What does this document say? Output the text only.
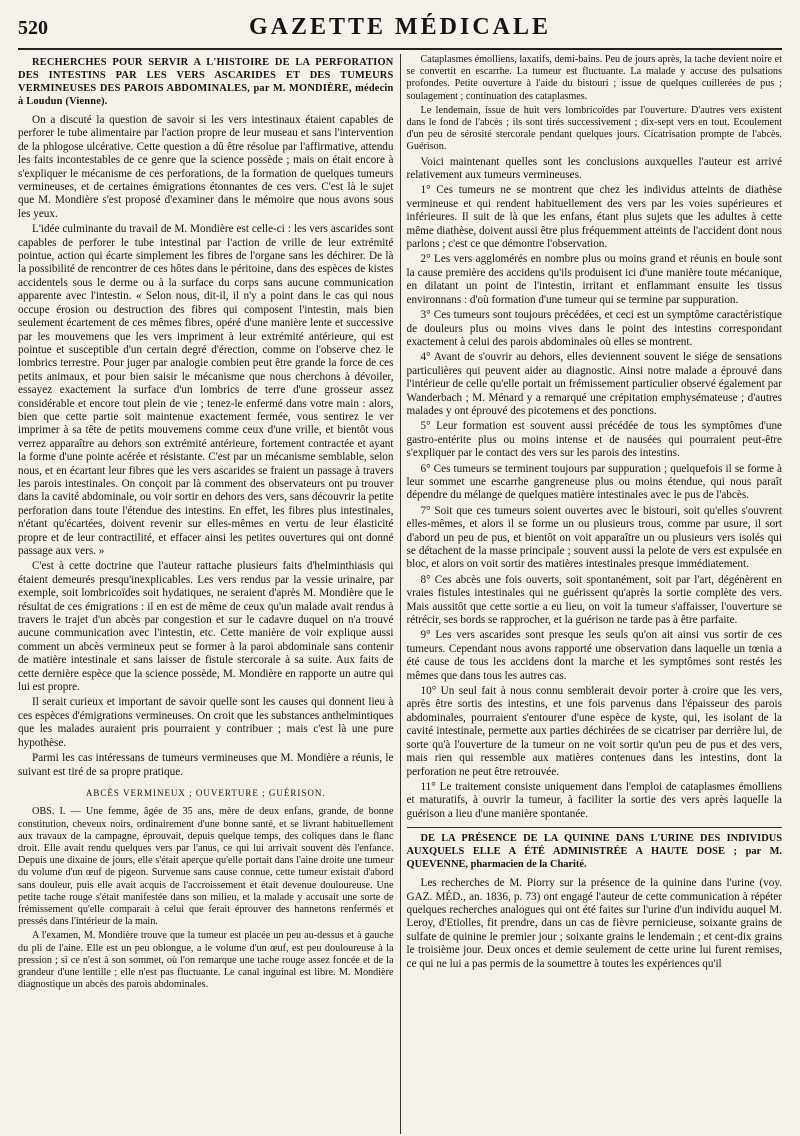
520	GAZETTE MÉDICALE
RECHERCHES POUR SERVIR A L'HISTOIRE DE LA PERFORATION DES INTESTINS PAR LES VERS ASCARIDES ET DES TUMEURS VERMINEUSES DES PAROIS ABDOMINALES, par M. MONDIÈRE, médecin à Loudun (Vienne).

On a discuté la question de savoir si les vers intestinaux étaient capables de perforer le tube alimentaire par l'action propre de leur museau et sans l'intervention de la phlogose ulcérative. Cette question a dû être résolue par l'affirmative, attendu les faits incontestables de ce genre que la science possède ; mais on était encore à s'expliquer le mécanisme de ces perforations, de la formation de quelques tumeurs vermineuses, et de certaines émigrations étonnantes de ces vers. C'est là le sujet que M. Mondière s'est proposé d'examiner dans le mémoire que nous avons sous les yeux.

L'idée culminante du travail de M. Mondière est celle-ci : les vers ascarides sont capables de perforer le tube intestinal par l'action de vrille de leur extrémité pointue, action qui écarte simplement les fibres de l'organe sans les déchirer. De là la possibilité de rencontrer de ces hôtes dans le péritoine, dans des espèces de kistes accidentels sous le derme ou à la surface du corps sans aucune communication apparente avec l'intestin. « Selon nous, dit-il, il n'y a point dans le cas qui nous occupe érosion ou destruction des fibres qui composent l'intestin, mais bien seulement écartement de ces mêmes fibres, opéré d'une manière lente et successive par les mouvemens que les vers impriment à leur extrémité antérieure, qui est pointue et susceptible d'un certain degré d'érection, comme on l'observe chez le lombrics terrestre. Pour juger par analogie combien peut être grande la force de ces petits animaux, et pour bien saisir le mécanisme que nous cherchons à dévoiler, essayez exactement la surface d'un lombrics de terre d'une grosseur assez considérable et encore tout plein de vie ; tenez-le enfermé dans votre main : alors, bien que cette partie soit maintenue exactement fermée, vous sentirez le ver imprimer à sa tête de petits mouvemens comme ceux d'une vrille, et bientôt vous verrez apparaître au dehors son extrémité antérieure, fortement contractée et ayant la forme d'une pointe acérée et résistante. C'est par un mécanisme semblable, selon nous, et en écartant leur fibres que les vers ascarides se fraient un passage à travers les parois intestinales. On conçoit par là comment des observateurs ont pu trouver dans la cavité abdominale, ou voir sortir en dehors des vers, sans découvrir la petite perforation dans toute l'étendue des intestins. En effet, les fibres plus intestinales, n'étant qu'écartées, doivent revenir sur elles-mêmes en vertu de leur élasticité propre et de leur contractilité, et effacer ainsi les petites ouvertures qui ont donné passage aux vers. »

C'est à cette doctrine que l'auteur rattache plusieurs faits d'helminthiasis qui étaient demeurés presqu'inexplicables. Les vers rendus par la vessie urinaire, par exemple, soit lombricoïdes soit hydatiques, ne seraient d'après M. Mondière que le résultat de ces émigrations : il en est de même de ceux qu'un malade avait rendus à travers le trajet d'un abcès par congestion et sur le cadavre duquel on n'a trouvé aucune communication avec l'intestin, etc. Cette manière de voir explique aussi comment un abcès vermineux peut se former à la paroi abdominale sans contenir de matière intestinale et sans laisser de fistule stercorale à sa suite. Aux faits de cette dernière espèce que la science possède, M. Mondière en rapporte un autre qui lui est propre.

Il serait curieux et important de savoir quelle sont les causes qui donnent lieu à ces espèces d'émigrations vermineuses. On croit que les substances anthelmintiques que les malades auraient pris pourraient y contribuer ; mais c'est là une pure hypothèse.

Parmi les cas intéressans de tumeurs vermineuses que M. Mondière a réunis, le suivant est tiré de sa propre pratique.

ABCÈS VERMINEUX ; OUVERTURE ; GUÉRISON.

OBS. I. — Une femme, âgée de 35 ans, mère de deux enfans, grande, de bonne constitution, cheveux noirs, ordinairement d'une bonne santé, et se livrant habituellement aux travaux de la campagne, éprouvait, depuis quelque temps, des coliques dans le flanc droit. Elle avait rendu quelques vers par l'anus, ce qui lui arrivait souvent dès l'enfance. Depuis une dixaine de jours, elle s'était aperçue qu'elle portait dans l'aine droite une tumeur du volume d'un œuf de pigeon. Survenue sans cause connue, cette tumeur existait d'abord sans douleur, puis elle avait acquis de l'accroissement et était devenue douloureuse. Une petite tache rouge s'était manifestée dans son milieu, et la malade y accusait une sorte de frémissement qu'elle comparait à celui que ferait éprouver des hannetons renfermés et pressés dans l'intérieur de la main.

A l'examen, M. Mondière trouve que la tumeur est placée un peu au-dessus et à gauche du pli de l'aine. Elle est un peu oblongue, a le volume d'un œuf, est peu douloureuse à la pression ; si ce n'est à son sommet, où l'on remarque une tache rouge assez foncée et de la grandeur d'une lentille ; elle n'est pas fluctuante. Le canal inguinal est libre. M. Mondière diagnostique un abcès des parois abdominales.

Cataplasmes émolliens, laxatifs, demi-bains. Peu de jours après, la tache devient noire et se convertit en escarrhe. La tumeur est fluctuante. La malade y accuse des pulsations profondes. Petite ouverture à l'aide du bistouri ; issue de quelques cuillerées de pus ; soulagement ; continuation des cataplasmes.

Le lendemain, issue de huit vers lombricoïdes par l'ouverture. D'autres vers existent dans le fond de l'abcès ; ils sont tirés successivement ; dix-sept vers en tout. Ecoulement d'un peu de sérosité stercorale pendant quelques jours. Cicatrisation prompte de l'abcès. Guérison.

Voici maintenant quelles sont les conclusions auxquelles l'auteur est arrivé relativement aux tumeurs vermineuses.

1° Ces tumeurs ne se montrent que chez les individus atteints de diathèse vermineuse et qui rendent habituellement des vers par les voies supérieures et inférieures. Il suit de là que les enfans, étant plus sujets que les adultes à cette même diathèse, doivent aussi être plus fréquemment atteints de l'accident dont nous parlons ; c'est ce que démontre l'observation.

2° Les vers agglomérés en nombre plus ou moins grand et réunis en boule sont la cause première des accidens qu'ils produisent ici d'une manière toute mécanique, en dilatant un point de l'intestin, irritant et enflammant ensuite les tissus environnans : d'où formation d'une tumeur qui se termine par suppuration.

3° Ces tumeurs sont toujours précédées, et ceci est un symptôme caractéristique de douleurs plus ou moins vives dans le point des intestins correspondant exactement à celui des parois abdominales où elles se montrent.

4° Avant de s'ouvrir au dehors, elles deviennent souvent le siége de sensations particulières qui peuvent aider au diagnostic. Ainsi notre malade a éprouvé dans l'intérieur de celle qu'elle portait un frémissement particulier observé également par Wanderbach ; M. Ménard y a remarqué une crépitation emphysémateuse ; d'autres malades y ont éprouvé des picotemens et des ponctions.

5° Leur formation est souvent aussi précédée de tous les symptômes d'une gastro-entérite plus ou moins intense et de nausées qui pourraient peut-être s'expliquer par le contact des vers sur les parois des intestins.

6° Ces tumeurs se terminent toujours par suppuration ; quelquefois il se forme à leur sommet une escarrhe gangreneuse plus ou moins étendue, qui nous paraît dépendre du mélange de quelques matière intestinales avec le pus de l'abcès.

7° Soit que ces tumeurs soient ouvertes avec le bistouri, soit qu'elles s'ouvrent elles-mêmes, et alors il se forme un ou plusieurs trous, comme par usure, il sort d'abord un peu de pus, et bientôt on voit apparaître un ou plusieurs vers isolés qui se détachent de la masse principale ; souvent aussi la pelote de vers est expulsée en bloc, et alors on voit sortir des matières intestinales presque immédiatement.

8° Ces abcès une fois ouverts, soit spontanément, soit par l'art, dégénèrent en vraies fistules intestinales qui ne guérissent qu'après la sortie complète des vers. Mais aussitôt que cette sortie a eu lieu, on voit la tumeur s'affaisser, l'ouverture se rétrécir, ses bords se rapprocher, et la guérison ne tarde pas à être parfaite.

9° Les vers ascarides sont presque les seuls qu'on ait ainsi vus sortir de ces tumeurs. Cependant nous avons rapporté une observation dans laquelle un tœnia a été cause de tous les accidens dont la marche et les symptômes sont restés les mêmes que dans tous les autres cas.

10° Un seul fait à nous connu semblerait devoir porter à croire que les vers, après être sortis des intestins, et une fois parvenus dans l'épaisseur des parois abdominales, pourraient s'entourer d'une espèce de kyste, qui, les isolant de la cavité intestinale, permette aux parties déchirées de se cicatriser par derrière lui, de sorte qu'à l'ouverture de la tumeur on ne voit sortir qu'un peu de pus et des vers, mais rien qui ressemble aux matières contenues dans les intestins, dont la perforation ne peut être retrouvée.

11° Le traitement consiste uniquement dans l'emploi de cataplasmes émolliens et maturatifs, à ouvrir la tumeur, à faciliter la sortie des vers après laquelle la guérison a lieu d'une manière spontanée.

DE LA PRÉSENCE DE LA QUININE DANS L'URINE DES INDIVIDUS AUXQUELS ELLE A ÉTÉ ADMINISTRÉE A HAUTE DOSE ; par M. QUEVENNE, pharmacien de la Charité.

Les recherches de M. Piorry sur la présence de la quinine dans l'urine (voy. GAZ. MÉD., an. 1836, p. 73) ont engagé l'auteur de cette communication à répéter quelques recherches analogues qui ont été faites sur l'urine d'un individu auquel M. Leroy, d'Etiolles, fit prendre, dans un cas de fièvre pernicieuse, soixante grains de sulfate de quinine le premier jour ; soixante grains le lendemain ; et cent-dix grains le troisième jour. Deux onces et demie seulement de cette urine lui furent remises, ce qui ne lui a pas permis de la soumettre à toutes les expériences qu'il
